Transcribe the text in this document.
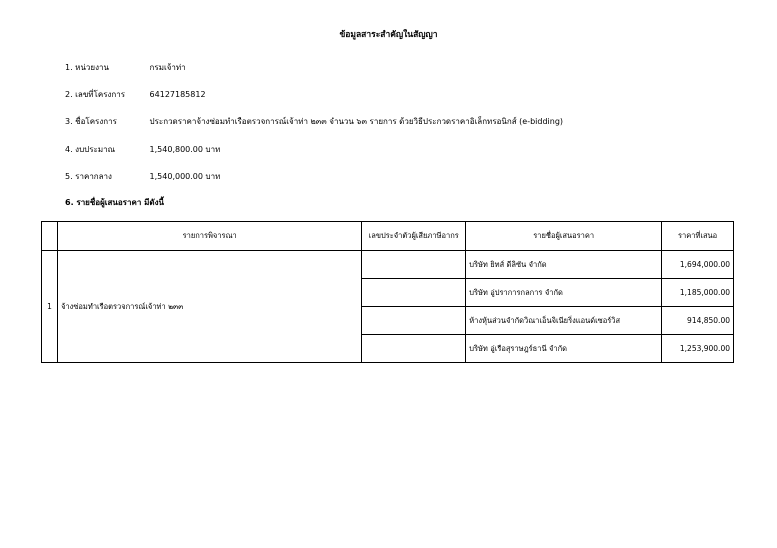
ข้อมูลสาระสำคัญในสัญญา
1. หน่วยงาน	กรมเจ้าท่า
2. เลขที่โครงการ	64127185812
3. ชื่อโครงการ	ประกวดราคาจ้างซ่อมทำเรือตรวจการณ์เจ้าท่า ๒๓๓ จำนวน ๖๓ รายการ ด้วยวิธีประกวดราคาอิเล็กทรอนิกส์ (e-bidding)
4. งบประมาณ	1,540,800.00 บาท
5. ราคากลาง	1,540,000.00 บาท
6. รายชื่อผู้เสนอราคา มีดังนี้
	รายการพิจารณา	เลขประจำตัวผู้เสียภาษีอากร	รายชื่อผู้เสนอราคา	ราคาที่เสนอ
1	จ้างซ่อมทำเรือตรวจการณ์เจ้าท่า ๒๓๓		บริษัท ยิทส์ ดีลิซัน จำกัด	1,694,000.00
			บริษัท อู่ปราการกลการ จำกัด	1,185,000.00
			ห้างหุ้นส่วนจำกัดวิณาเอ็นจิเนียริ่งแอนด์เซอร์วิส	914,850.00
			บริษัท อู่เรือสุราษฎร์ธานี จำกัด	1,253,900.00
